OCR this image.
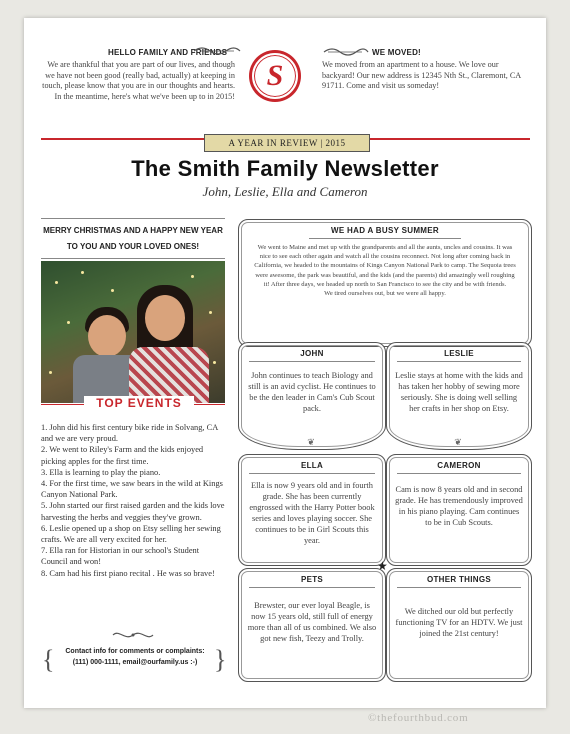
HELLO FAMILY AND FRIENDS
We are thankful that you are part of our lives, and though we have not been good (really bad, actually) at keeping in touch, please know that you are in our thoughts and hearts. In the meantime, here's what we've been up to in 2015!
S
WE MOVED!
We moved from an apartment to a house. We love our backyard! Our new address is 12345 Nth St., Claremont, CA 91711. Come and visit us someday!
A YEAR IN REVIEW | 2015
The Smith Family Newsletter
John, Leslie, Ella and Cameron
MERRY CHRISTMAS AND A HAPPY NEW YEAR
TO YOU AND YOUR LOVED ONES!
TOP EVENTS
1. John did his first century bike ride in Solvang, CA and we are very proud.
2. We went to Riley's Farm and the kids enjoyed picking apples for the first time.
3. Ella is learning to play the piano.
4. For the first time, we saw bears in the wild at Kings Canyon National Park.
5. John started our first raised garden and the kids love harvesting the herbs and veggies they've grown.
6. Leslie opened up a shop on Etsy selling her sewing crafts. We are all very excited for her.
7. Ella ran for Historian in our school's Student Council and won!
8. Cam had his first piano recital . He was so brave!
{	Contact info for comments or complaints:
(111) 000-1111, email@ourfamily.us :-) }
WE HAD A BUSY SUMMER
We went to Maine and met up with the grandparents and all the aunts, uncles and cousins. It was nice to see each other again and watch all the cousins reconnect. Not long after coming back in California, we headed to the mountains of Kings Canyon National Park to camp. The Sequoia trees were awesome, the park was beautiful, and the kids (and the parents) did amazingly well roughing it! After three days, we headed up north to San Francisco to see the city and be with friends.
We tired ourselves out, but we were all happy.
JOHN
John continues to teach Biology and still is an avid cyclist. He continues to be the den leader in Cam's Cub Scout pack.
❦
LESLIE
Leslie stays at home with the kids and has taken her hobby of sewing more seriously. She is doing well selling her crafts in her shop on Etsy.
❦
ELLA
Ella is now 9 years old and in fourth grade. She has been currently engrossed with the Harry Potter book series and loves playing soccer. She continues to be in Girl Scouts this year.
CAMERON
Cam is now 8 years old and in second grade. He has tremendously improved in his piano playing. Cam continues to be in Cub Scouts.
★
PETS
Brewster, our ever loyal Beagle, is now 15 years old, still full of energy more than all of us combined. We also got new fish, Teezy and Trolly.
OTHER THINGS
We ditched our old but perfectly functioning TV for an HDTV. We just joined the 21st century!
©thefourthbud.com
